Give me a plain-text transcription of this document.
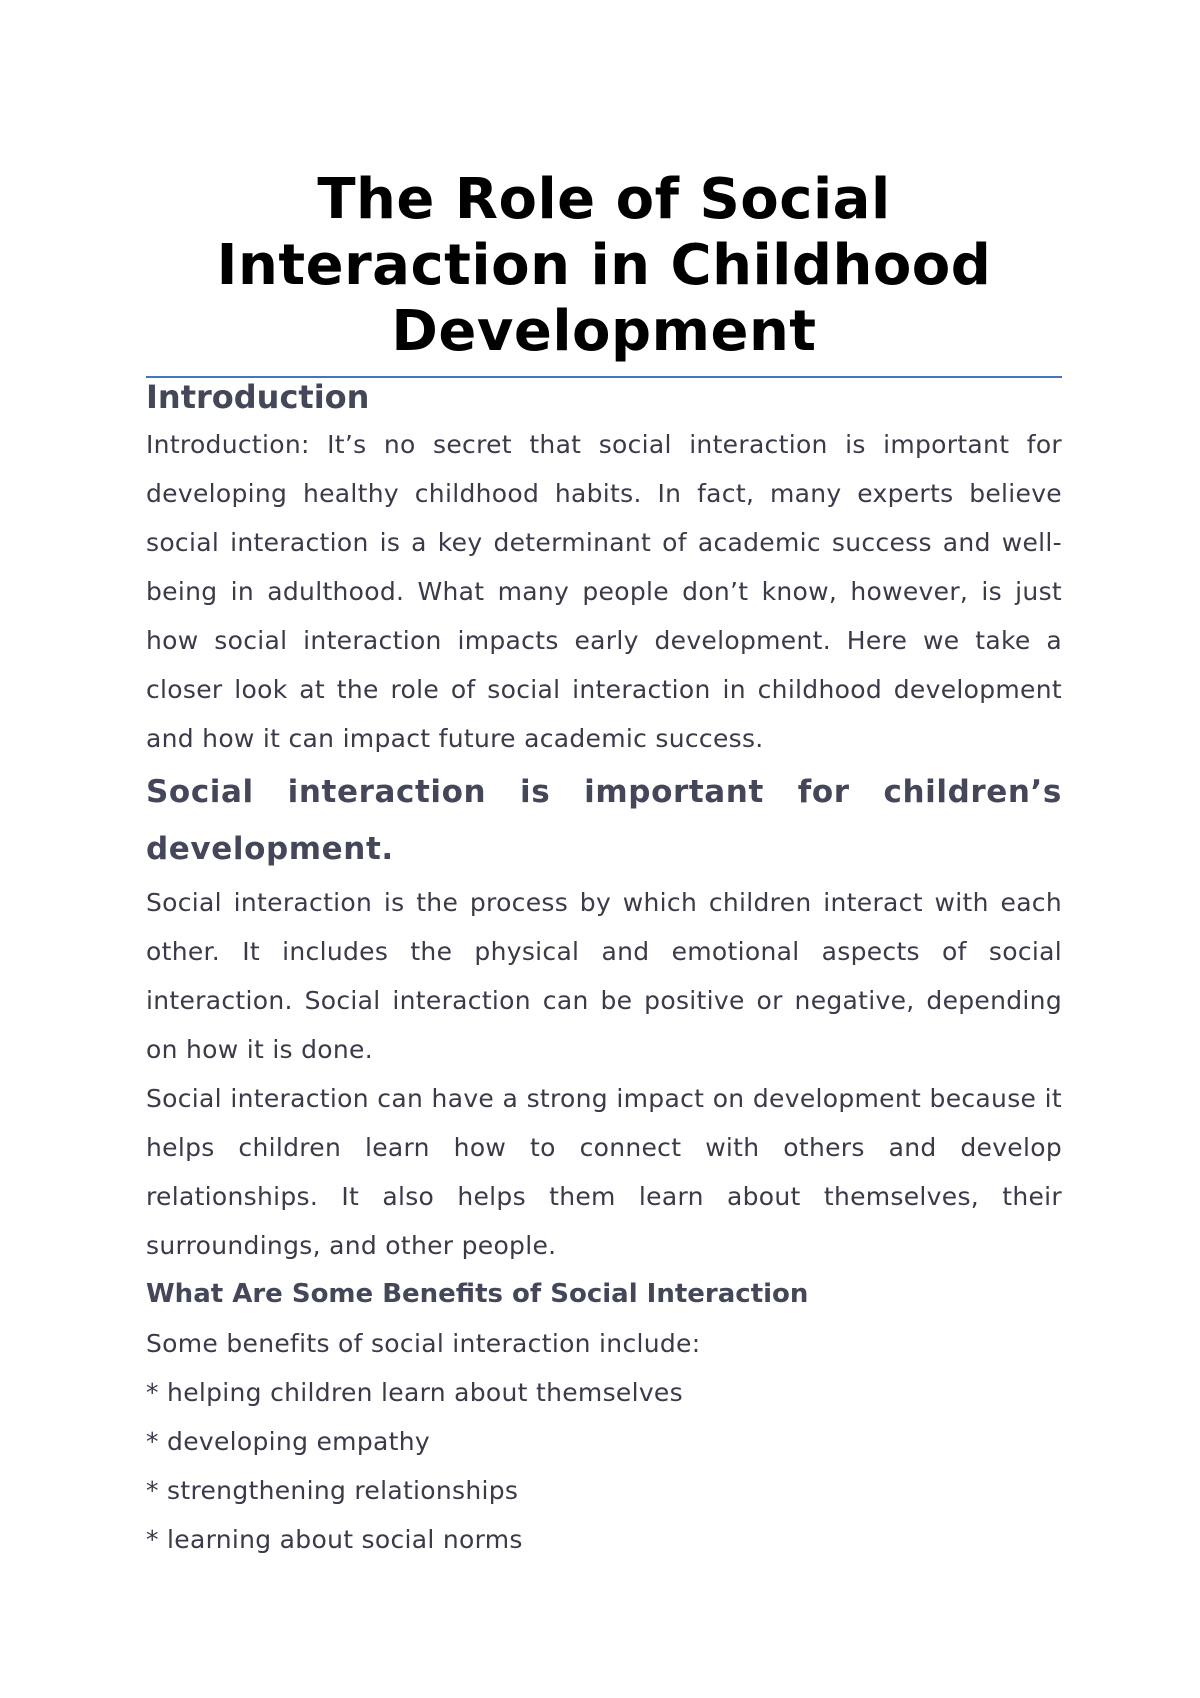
The Role of Social Interaction in Childhood Development
Introduction

Introduction: It’s no secret that social interaction is important for developing healthy childhood habits. In fact, many experts believe social interaction is a key determinant of academic success and well-being in adulthood. What many people don’t know, however, is just how social interaction impacts early development. Here we take a closer look at the role of social interaction in childhood development and how it can impact future academic success.

Social interaction is important for children’s development.

Social interaction is the process by which children interact with each other. It includes the physical and emotional aspects of social interaction. Social interaction can be positive or negative, depending on how it is done.

Social interaction can have a strong impact on development because it helps children learn how to connect with others and develop relationships. It also helps them learn about themselves, their surroundings, and other people.

What Are Some Benefits of Social Interaction

Some benefits of social interaction include:

* helping children learn about themselves
* developing empathy
* strengthening relationships
* learning about social norms
